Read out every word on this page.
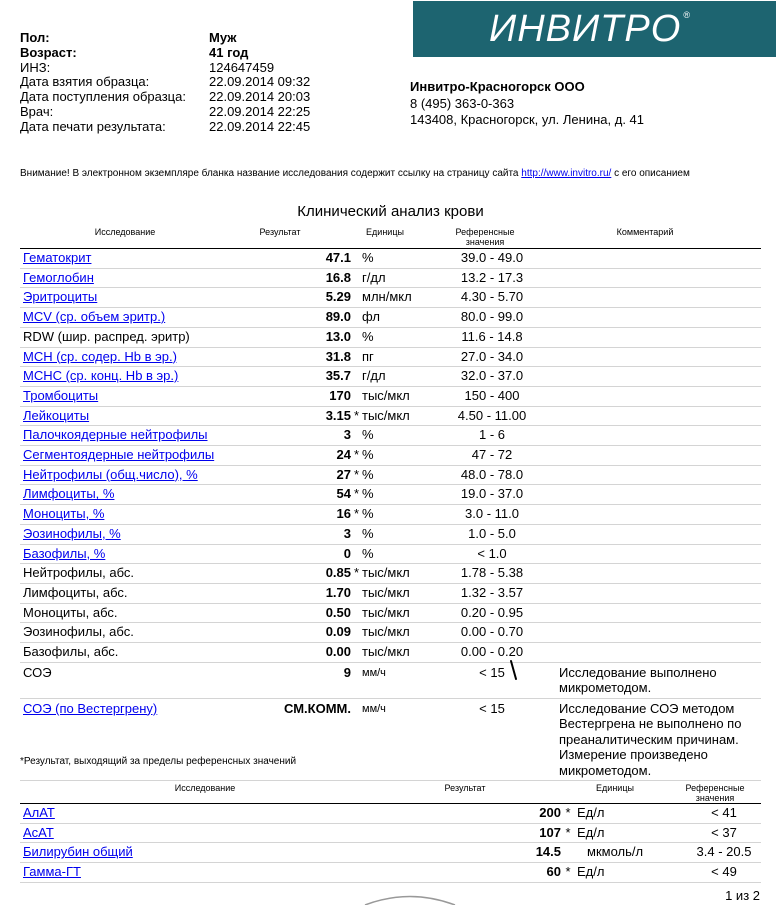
Пол:	Муж
Возраст:	41 год
ИНЗ:	124647459
Дата взятия образца:	22.09.2014 09:32
Дата поступления образца:	22.09.2014 20:03
Врач:	22.09.2014 22:25
Дата печати результата:	22.09.2014 22:45
ИНВИТРО®
Инвитро-Красногорск ООО
8 (495) 363-0-363
143408, Красногорск, ул. Ленина, д. 41
Внимание! В электронном экземпляре бланка название исследования содержит ссылку на страницу сайта http://www.invitro.ru/ с его описанием
Клинический анализ крови
Исследование	Результат	Единицы	Референсные
значения
Комментарий
Гематокрит	47.1		%	39.0 - 49.0	
Гемоглобин	16.8		г/дл	13.2 - 17.3	
Эритроциты	5.29		млн/мкл	4.30 - 5.70	
MCV (ср. объем эритр.)	89.0		фл	80.0 - 99.0	
RDW (шир. распред. эритр)	13.0		%	11.6 - 14.8	
MCH (ср. содер. Hb в эр.)	31.8		пг	27.0 - 34.0	
MCHC (ср. конц. Hb в эр.)	35.7		г/дл	32.0 - 37.0	
Тромбоциты	170		тыс/мкл	150 - 400	
Лейкоциты	3.15	*	тыс/мкл	4.50 - 11.00	
Палочкоядерные нейтрофилы	3		%	1 - 6	
Сегментоядерные нейтрофилы	24	*	%	47 - 72	
Нейтрофилы (общ.число), %	27	*	%	48.0 - 78.0	
Лимфоциты, %	54	*	%	19.0 - 37.0	
Моноциты, %	16	*	%	3.0 - 11.0	
Эозинофилы, %	3		%	1.0 - 5.0	
Базофилы, %	0		%	< 1.0	
Нейтрофилы, абс.	0.85	*	тыс/мкл	1.78 - 5.38	
Лимфоциты, абс.	1.70		тыс/мкл	1.32 - 3.57	
Моноциты, абс.	0.50		тыс/мкл	0.20 - 0.95	
Эозинофилы, абс.	0.09		тыс/мкл	0.00 - 0.70	
Базофилы, абс.	0.00		тыс/мкл	0.00 - 0.20	
СОЭ	9		мм/ч	< 15	Исследование выполнено
микрометодом.

СОЭ (по Вестергрену)	СМ.КОММ.		мм/ч	< 15	Исследование СОЭ методом
Вестергрена не выполнено по
преаналитическим причинам.
Измерение произведено
микрометодом.
*Результат, выходящий за пределы референсных значений
Исследование	Результат	Единицы	Референсные
значения
АлАТ	200	*	Ед/л	< 41
АсАТ	107	*	Ед/л	< 37
Билирубин общий	14.5		мкмоль/л	3.4 - 20.5
Гамма-ГТ	60	*	Ед/л	< 49
1 из 2
